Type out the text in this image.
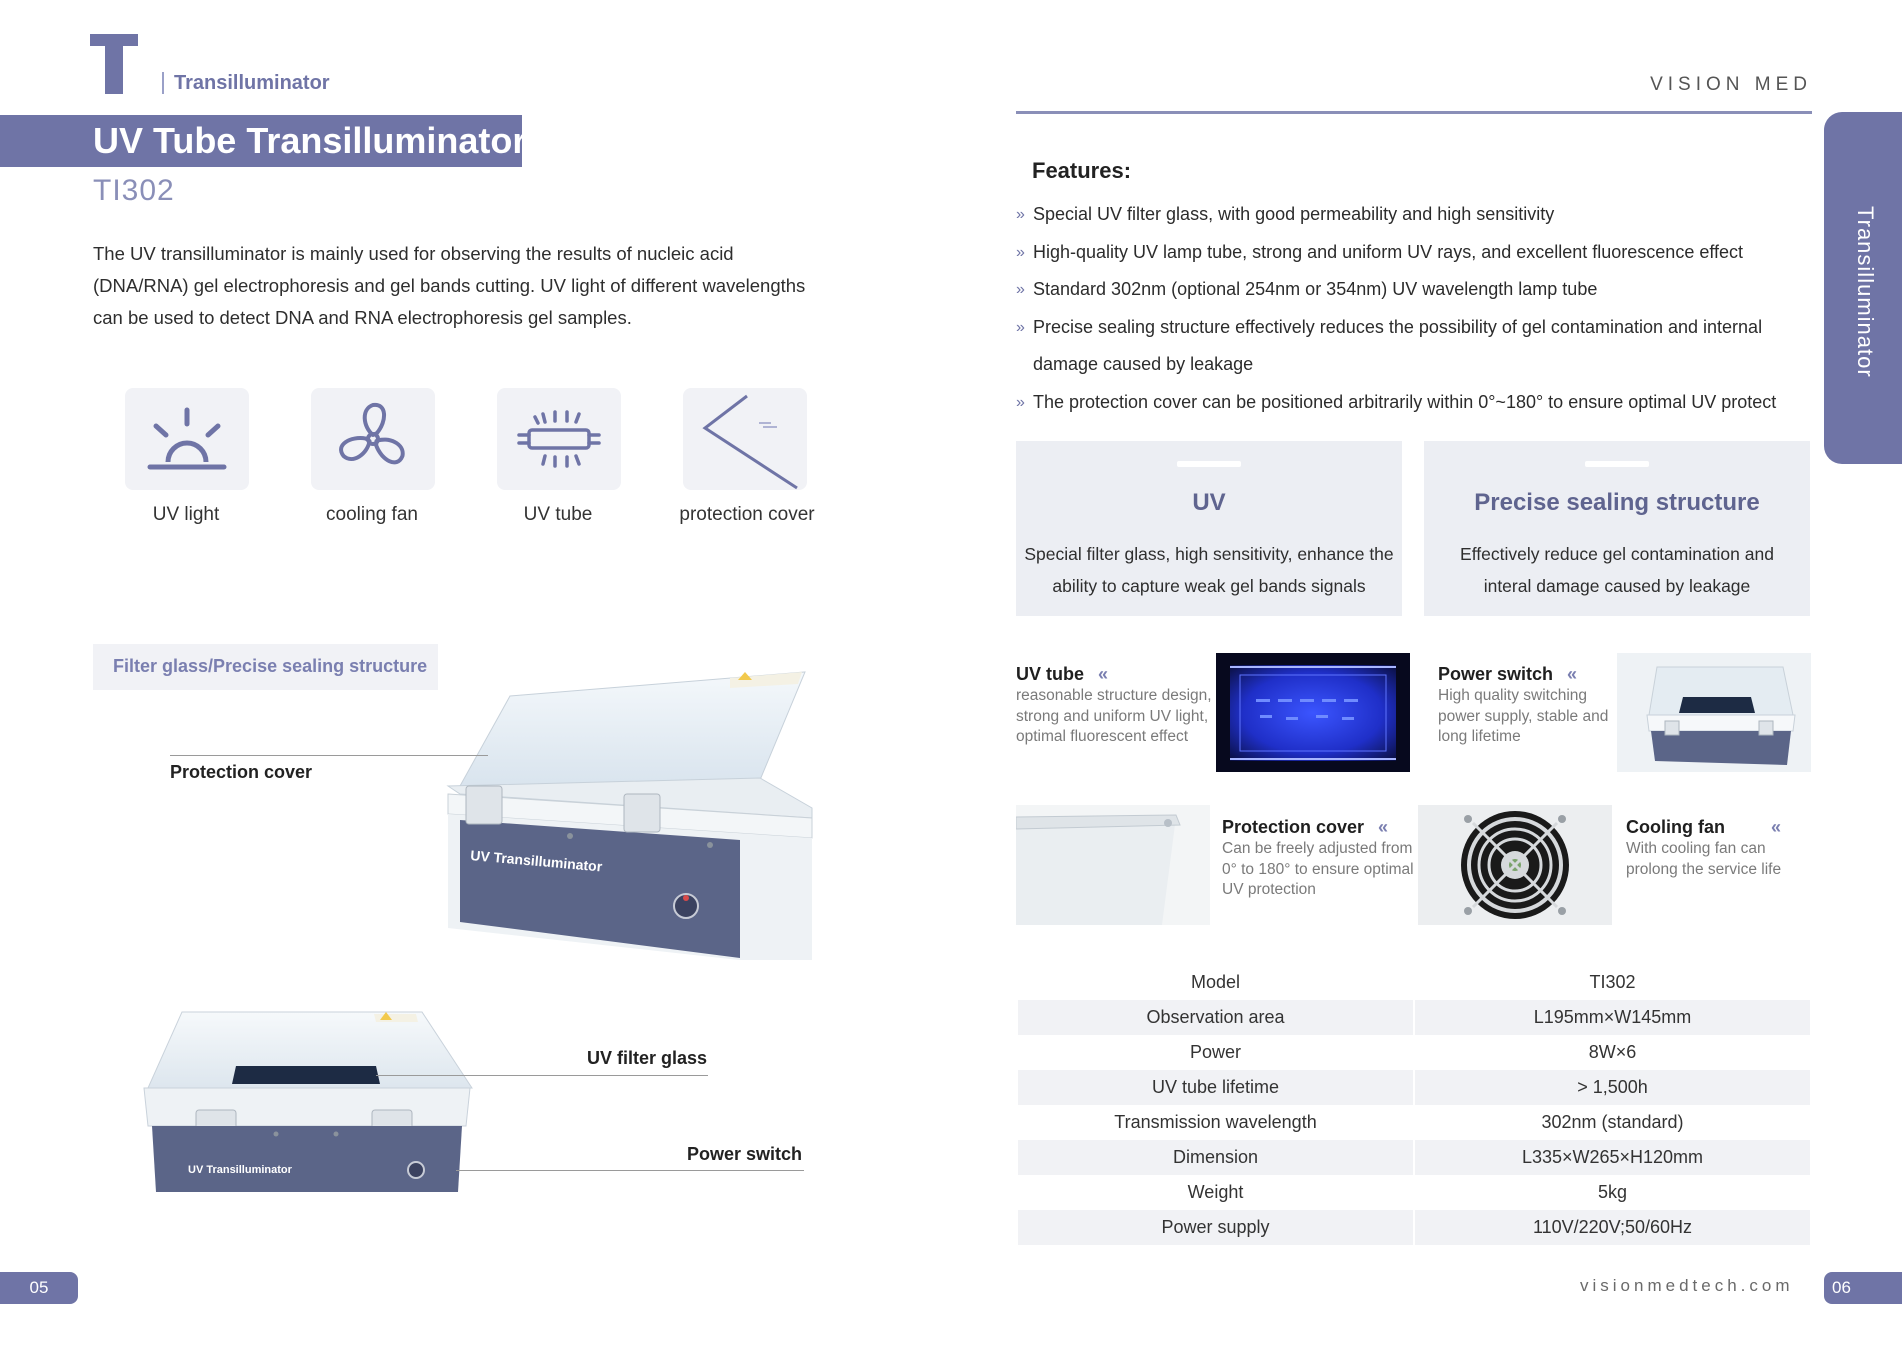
Transilluminator
UV Tube Transilluminator
TI302
The UV transilluminator is mainly used for observing the results of nucleic acid (DNA/RNA) gel electrophoresis and gel bands cutting. UV light of different wavelengths can be used to detect DNA and RNA electrophoresis gel samples.
UV light	cooling fan	UV tube	protection cover
Filter glass/Precise sealing structure
UV Transilluminator
Protection cover
UV Transilluminator
UV filter glass
Power switch
05
VISION MED
Transilluminator
Features:
» Special UV filter glass, with good permeability and high sensitivity
» High-quality UV lamp tube, strong and uniform UV rays, and excellent fluorescence effect
» Standard 302nm (optional 254nm or 354nm) UV wavelength lamp tube
» Precise sealing structure effectively reduces the possibility of gel contamination and internal damage caused by leakage
» The protection cover can be positioned arbitrarily within 0°~180° to ensure optimal UV protect
UV
Special filter glass, high sensitivity, enhance the ability to capture weak gel bands signals
Precise sealing structure
Effectively reduce gel contamination and interal damage caused by leakage
UV tube «
reasonable structure design, strong and uniform UV light, optimal fluorescent effect
Power switch «
High quality switching power supply, stable and long lifetime
Protection cover «
Can be freely adjusted from 0° to 180° to ensure optimal UV protection
Cooling fan	«
With cooling fan can prolong the service life
Model	TI302
Observation area	L195mm×W145mm
Power	8W×6
UV tube lifetime	> 1,500h
Transmission wavelength	302nm (standard)
Dimension	L335×W265×H120mm
Weight	5kg
Power supply	110V/220V;50/60Hz
visionmedtech.com	06
